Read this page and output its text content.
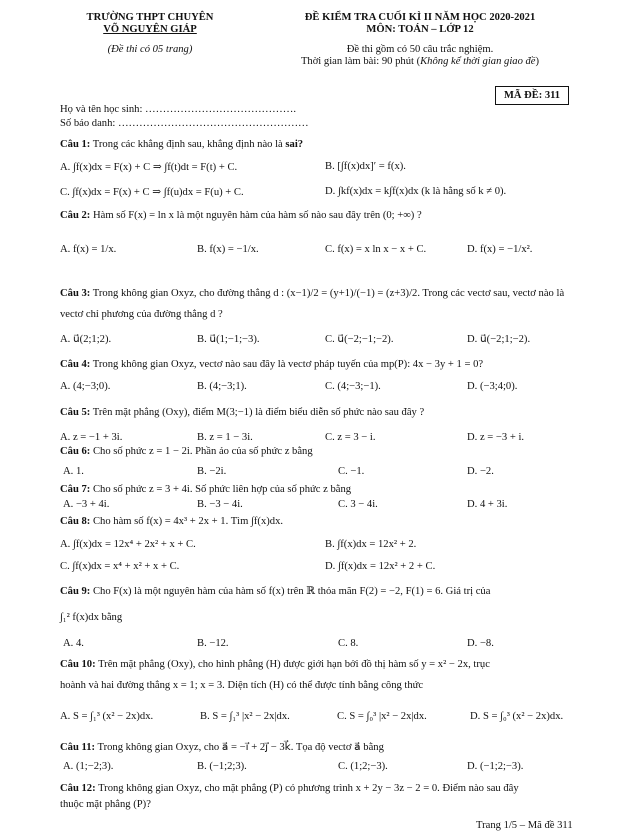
TRƯỜNG THPT CHUYÊN
VÕ NGUYÊN GIÁP
(Đề thi có 05 trang)
ĐỀ KIỂM TRA CUỐI KÌ II NĂM HỌC 2020-2021
MÔN: TOÁN – LỚP 12
Đề thi gồm có 50 câu trắc nghiệm.
Thời gian làm bài: 90 phút (Không kể thời gian giao đề)
MÃ ĐỀ: 311
Họ và tên học sinh: …………………………………….
Số báo danh: ………………………………………………
Câu 1: Trong các khẳng định sau, khẳng định nào là sai?
A. ∫f(x)dx = F(x) + C ⇒ ∫f(t)dt = F(t) + C.	B. [∫f(x)dx]′ = f(x).
C. ∫f(x)dx = F(x) + C ⇒ ∫f(u)dx = F(u) + C.	D. ∫kf(x)dx = k∫f(x)dx (k là hằng số k ≠ 0).
Câu 2: Hàm số F(x) = ln x là một nguyên hàm của hàm số nào sau đây trên (0; +∞) ?
A. f(x) = 1/x.	B. f(x) = −1/x.	C. f(x) = x ln x − x + C.	D. f(x) = −1/x².
Câu 3: Trong không gian Oxyz, cho đường thẳng d : (x−1)/2 = (y+1)/(−1) = (z+3)/2. Trong các vectơ sau, vectơ nào là
vectơ chỉ phương của đường thẳng d ?
A. u⃗(2;1;2).	B. u⃗(1;−1;−3).	C. u⃗(−2;−1;−2).	D. u⃗(−2;1;−2).
Câu 4: Trong không gian Oxyz, vectơ nào sau đây là vectơ pháp tuyến của mp(P): 4x − 3y + 1 = 0?
A. (4;−3;0).	B. (4;−3;1).	C. (4;−3;−1).	D. (−3;4;0).
Câu 5: Trên mặt phẳng (Oxy), điểm M(3;−1) là điểm biểu diễn số phức nào sau đây ?
A. z = −1 + 3i.	B. z = 1 − 3i.	C. z = 3 − i.	D. z = −3 + i.
Câu 6: Cho số phức z = 1 − 2i. Phần ảo của số phức z bằng
A. 1.	B. −2i.	C. −1.	D. −2.
Câu 7: Cho số phức z = 3 + 4i. Số phức liên hợp của số phức z bằng
A. −3 + 4i.	B. −3 − 4i.	C. 3 − 4i.	D. 4 + 3i.
Câu 8: Cho hàm số f(x) = 4x³ + 2x + 1. Tìm ∫f(x)dx.
A. ∫f(x)dx = 12x⁴ + 2x² + x + C.	B. ∫f(x)dx = 12x² + 2.
C. ∫f(x)dx = x⁴ + x² + x + C.	D. ∫f(x)dx = 12x² + 2 + C.
Câu 9: Cho F(x) là một nguyên hàm của hàm số f(x) trên ℝ thỏa mãn F(2) = −2, F(1) = 6. Giá trị của
∫₁² f(x)dx bằng
A. 4.	B. −12.	C. 8.	D. −8.
Câu 10: Trên mặt phẳng (Oxy), cho hình phẳng (H) được giới hạn bởi đồ thị hàm số y = x² − 2x, trục
hoành và hai đường thẳng x = 1; x = 3. Diện tích (H) có thể được tính bằng công thức
A. S = ∫₁³ (x² − 2x)dx.	B. S = ∫₁³ |x² − 2x|dx.	C. S = ∫₀³ |x² − 2x|dx.	D. S = ∫₀³ (x² − 2x)dx.
Câu 11: Trong không gian Oxyz, cho a⃗ = −i⃗ + 2j⃗ − 3k⃗. Tọa độ vectơ a⃗ bằng
A. (1;−2;3).	B. (−1;2;3).	C. (1;2;−3).	D. (−1;2;−3).
Câu 12: Trong không gian Oxyz, cho mặt phẳng (P) có phương trình x + 2y − 3z − 2 = 0. Điểm nào sau đây
thuộc mặt phẳng (P)?
Trang 1/5 – Mã đề 311
